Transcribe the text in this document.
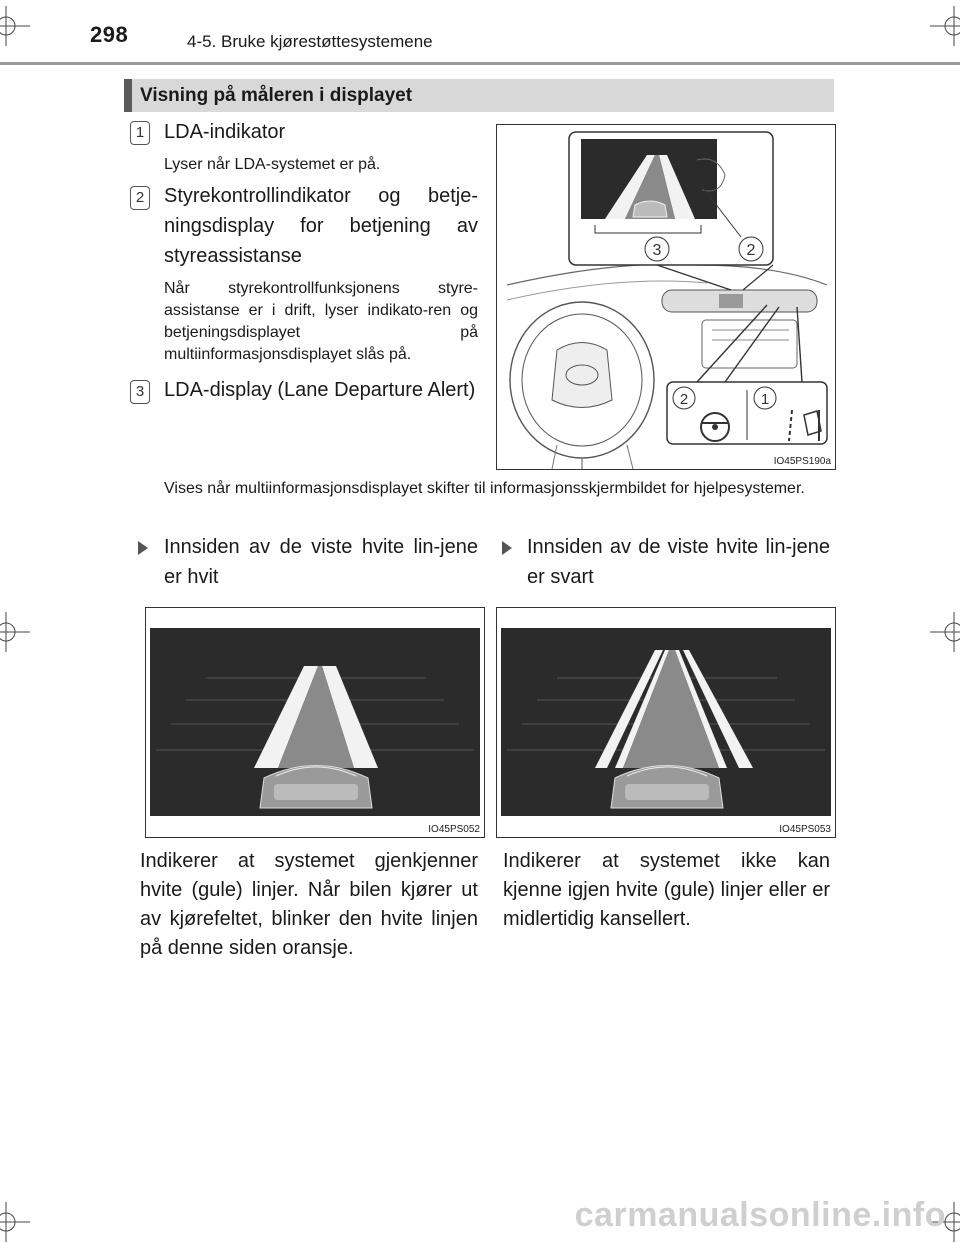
298	4-5. Bruke kjørestøttesystemene
Visning på måleren i displayet
1 LDA-indikator
Lyser når LDA-systemet er på.
2 Styrekontrollindikator og betje-ningsdisplay for betjening av styreassistanse
Når styrekontrollfunksjonens styre-assistanse er i drift, lyser indikato-ren og betjeningsdisplayet på multiinformasjonsdisplayet slås på.
3 LDA-display (Lane Departure Alert)
Vises når multiinformasjonsdisplayet skifter til informasjonsskjermbildet for hjelpesystemer.
3	2
2	1
IO45PS190a
Innsiden av de viste hvite lin-jene er hvit
Innsiden av de viste hvite lin-jene er svart
IO45PS052	IO45PS053
Indikerer at systemet gjenkjenner hvite (gule) linjer. Når bilen kjører ut av kjørefeltet, blinker den hvite linjen på denne siden oransje.
Indikerer at systemet ikke kan kjenne igjen hvite (gule) linjer eller er midlertidig kansellert.
carmanualsonline.info
